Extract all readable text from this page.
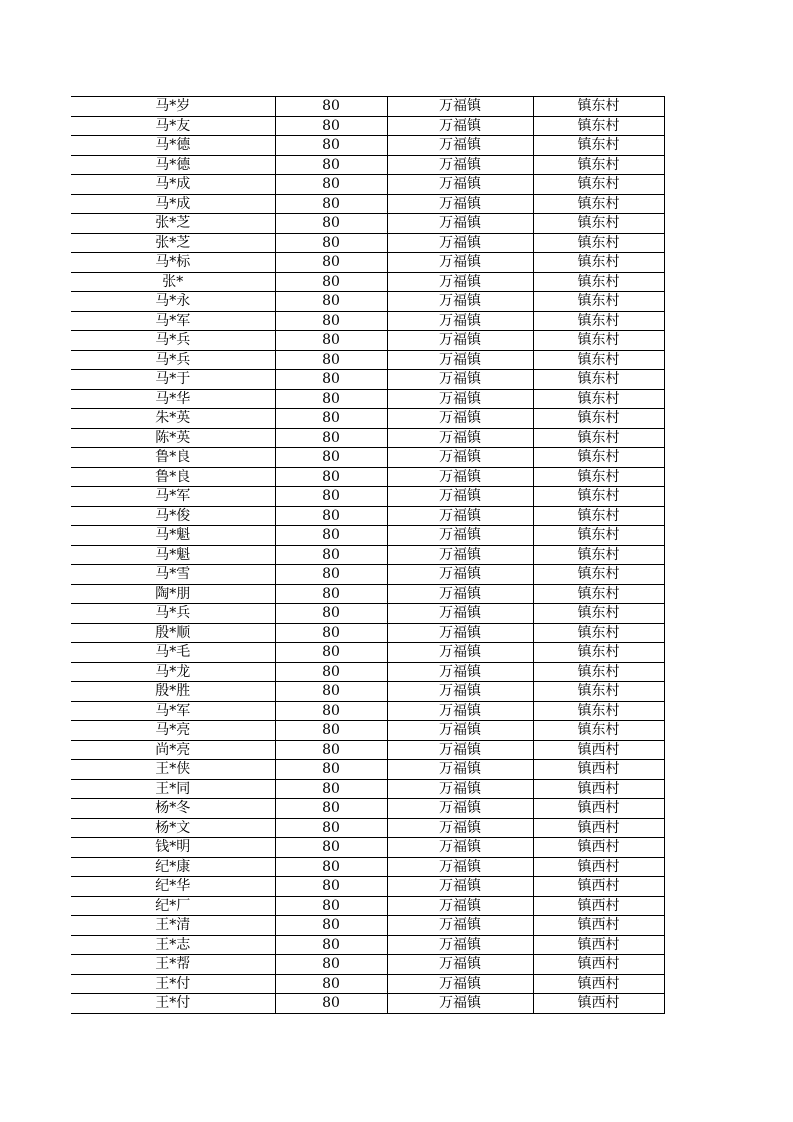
马*岁	80	万福镇	镇东村
马*友	80	万福镇	镇东村
马*德	80	万福镇	镇东村
马*德	80	万福镇	镇东村
马*成	80	万福镇	镇东村
马*成	80	万福镇	镇东村
张*芝	80	万福镇	镇东村
张*芝	80	万福镇	镇东村
马*标	80	万福镇	镇东村
张*	80	万福镇	镇东村
马*永	80	万福镇	镇东村
马*军	80	万福镇	镇东村
马*兵	80	万福镇	镇东村
马*兵	80	万福镇	镇东村
马*于	80	万福镇	镇东村
马*华	80	万福镇	镇东村
朱*英	80	万福镇	镇东村
陈*英	80	万福镇	镇东村
鲁*良	80	万福镇	镇东村
鲁*良	80	万福镇	镇东村
马*军	80	万福镇	镇东村
马*俊	80	万福镇	镇东村
马*魁	80	万福镇	镇东村
马*魁	80	万福镇	镇东村
马*雪	80	万福镇	镇东村
陶*朋	80	万福镇	镇东村
马*兵	80	万福镇	镇东村
殷*顺	80	万福镇	镇东村
马*毛	80	万福镇	镇东村
马*龙	80	万福镇	镇东村
殷*胜	80	万福镇	镇东村
马*军	80	万福镇	镇东村
马*亮	80	万福镇	镇东村
尚*亮	80	万福镇	镇西村
王*侠	80	万福镇	镇西村
王*同	80	万福镇	镇西村
杨*冬	80	万福镇	镇西村
杨*文	80	万福镇	镇西村
钱*明	80	万福镇	镇西村
纪*康	80	万福镇	镇西村
纪*华	80	万福镇	镇西村
纪*厂	80	万福镇	镇西村
王*清	80	万福镇	镇西村
王*志	80	万福镇	镇西村
王*帮	80	万福镇	镇西村
王*付	80	万福镇	镇西村
王*付	80	万福镇	镇西村
